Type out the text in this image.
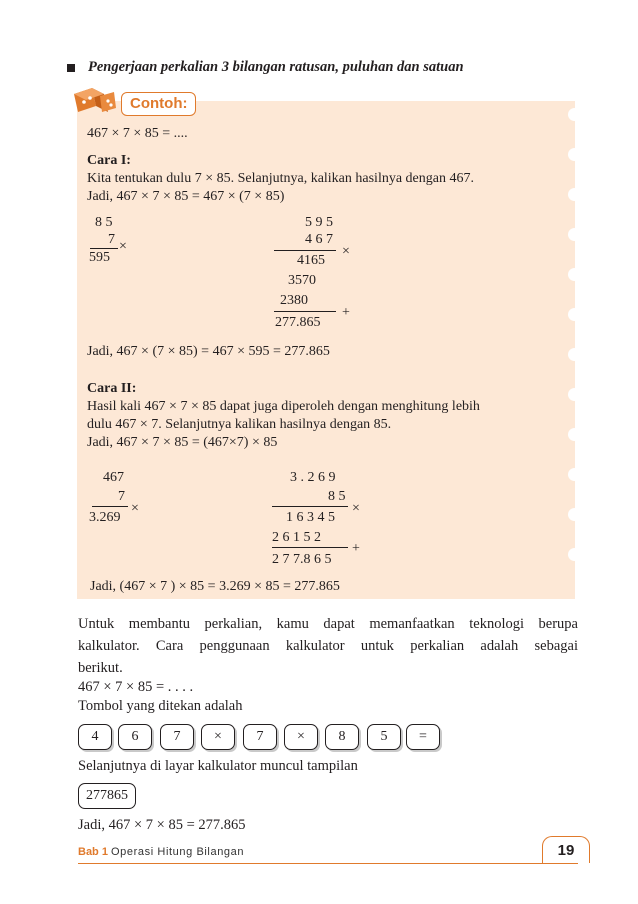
Pengerjaan perkalian 3 bilangan ratusan, puluhan dan satuan
Contoh:
467 × 7 × 85 = ....
Cara I:
Kita tentukan dulu 7 × 85. Selanjutnya, kalikan hasilnya dengan 467.
Jadi, 467 × 7 × 85 = 467 × (7 × 85)
8 5
7 ×
595
5 9 5
4 6 7
×
4165
3570
2380
+
277.865
Jadi, 467 × (7 × 85) = 467 × 595 = 277.865
Cara II:
Hasil kali 467 × 7 × 85 dapat juga diperoleh dengan menghitung lebih
dulu 467 × 7. Selanjutnya kalikan hasilnya dengan 85.
Jadi, 467 × 7 × 85 = (467×7) × 85
467
7
×
3.269
3 . 2 6 9
8 5
×
1 6 3 4 5
2 6 1 5 2
+
2 7 7.8 6 5
Jadi, (467 × 7 ) × 85 = 3.269 × 85 = 277.865
Untuk membantu perkalian, kamu dapat memanfaatkan teknologi berupa
kalkulator. Cara penggunaan kalkulator untuk perkalian adalah sebagai
berikut.
467 × 7 × 85 = . . . .
Tombol yang ditekan adalah
4	6	7	×	7	×	8	5	=
Selanjutnya di layar kalkulator muncul tampilan
277865
Jadi, 467 × 7 × 85 = 277.865
Bab 1 Operasi Hitung Bilangan	19
